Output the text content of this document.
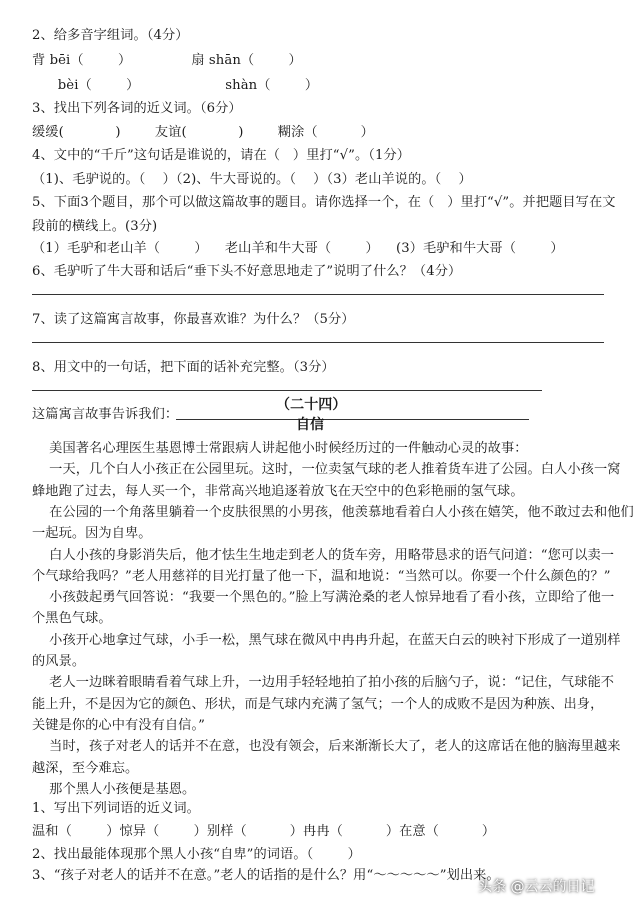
2、给多音字组词。（4分）
背 bēi（        ）              扇 shān（        ）
bèi（        ）                    shàn（        ）
3、找出下列各词的近义词。（6分）
缓缓(            )        友谊(            )        糊涂（          ）
4、文中的“千斤”这句话是谁说的，请在（   ）里打“√”。（1分）
（1)、毛驴说的。（    ）（2)、牛大哥说的。（    ）（3）老山羊说的。（    ）
5、下面3个题目，那个可以做这篇故事的题目。请你选择一个，在（   ）里打“√”。并把题目写在文
段前的横线上。(3分)
（1）毛驴和老山羊（        ）    老山羊和牛大哥（        ）    (3）毛驴和牛大哥（        ）
6、毛驴听了牛大哥和话后“垂下头不好意思地走了”说明了什么？（4分）
7、读了这篇寓言故事，你最喜欢谁？为什么？（5分）
8、用文中的一句话，把下面的话补充完整。（3分）
这篇寓言故事告诉我们：
（二十四）
自信
美国著名心理医生基恩博士常跟病人讲起他小时候经历过的一件触动心灵的故事：
一天，几个白人小孩正在公园里玩。这时，一位卖氢气球的老人推着货车进了公园。白人小孩一窝
蜂地跑了过去，每人买一个，非常高兴地追逐着放飞在天空中的色彩艳丽的氢气球。
在公园的一个角落里躺着一个皮肤很黑的小男孩，他羡慕地看着白人小孩在嬉笑，他不敢过去和他们
一起玩。因为自卑。
白人小孩的身影消失后，他才怯生生地走到老人的货车旁，用略带恳求的语气问道：“您可以卖一
个气球给我吗？”老人用慈祥的目光打量了他一下，温和地说：“当然可以。你要一个什么颜色的？”
小孩鼓起勇气回答说：“我要一个黑色的。”脸上写满沧桑的老人惊异地看了看小孩，立即给了他一
个黑色气球。
小孩开心地拿过气球，小手一松，黑气球在微风中冉冉升起，在蓝天白云的映衬下形成了一道别样
的风景。
老人一边眯着眼睛看着气球上升，一边用手轻轻地拍了拍小孩的后脑勺子，说：“记住，气球能不
能上升，不是因为它的颜色、形状，而是气球内充满了氢气；一个人的成败不是因为种族、出身，
关键是你的心中有没有自信。”
当时，孩子对老人的话并不在意，也没有领会，后来渐渐长大了，老人的这席话在他的脑海里越来
越深，至今难忘。
那个黑人小孩便是基恩。
1、写出下列词语的近义词。
温和（        ）惊异（        ）别样（          ）冉冉（          ）在意（          ）
2、找出最能体现那个黑人小孩“自卑”的词语。（        ）
3、“孩子对老人的话并不在意。”老人的话指的是什么？用“～～～～～”划出来。
头条 @云云的日记
